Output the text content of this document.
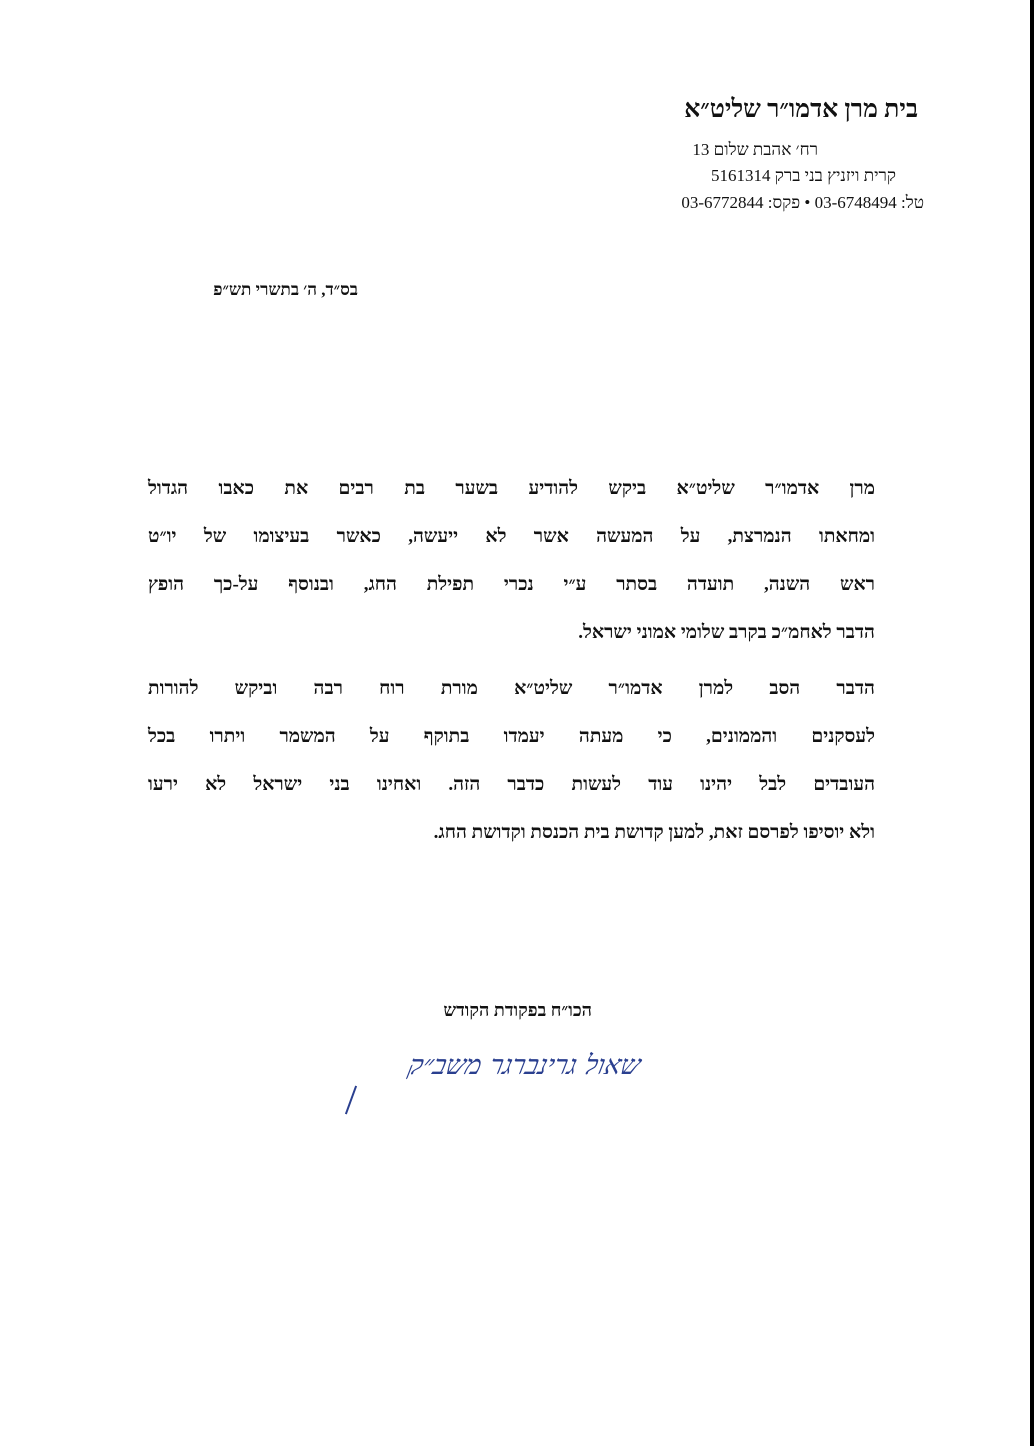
בית מרן אדמו״ר שליט״א
רח׳ אהבת שלום 13
קרית ויזניץ בני ברק 5161314
טל: 03-6748494 • פקס: 03-6772844
בס״ד, ה׳ בתשרי תש״פ
מרן אדמו״ר שליט״א ביקש להודיע בשער בת רבים את כאבו הגדול
ומחאתו הנמרצת, על המעשה אשר לא ייעשה, כאשר בעיצומו של יו״ט
ראש השנה, תועדה בסתר ע״י נכרי תפילת החג, ובנוסף על-כך הופץ
הדבר לאחמ״כ בקרב שלומי אמוני ישראל.
הדבר הסב למרן אדמו״ר שליט״א מורת רוח רבה וביקש להורות
לעסקנים והממונים, כי מעתה יעמדו בתוקף על המשמר ויתרו בכל
העובדים לבל יהינו עוד לעשות כדבר הזה. ואחינו בני ישראל לא ירעו
ולא יוסיפו לפרסם זאת, למען קדושת בית הכנסת וקדושת החג.
הכו״ח בפקודת הקודש
שאול גרינברגר משב״ק
